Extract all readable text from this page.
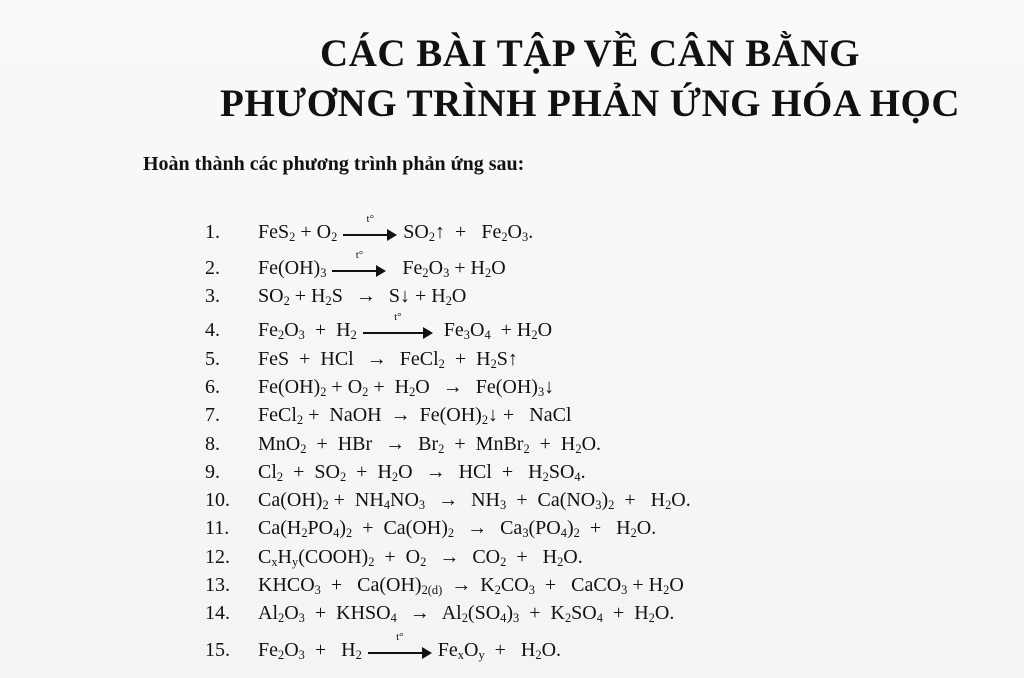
CÁC BÀI TẬP VỀ CÂN BẰNG
PHƯƠNG TRÌNH PHẢN ỨNG HÓA HỌC
Hoàn thành các phương trình phản ứng sau:
1. $FeS_2 + O_2$
t°
$SO_2↑ + Fe_2O_3$.
2. $Fe(OH)_3$
t°
$Fe_2O_3 + H_2O$
3. $SO_2 + H_2S$ → S↓ + $H_2O$
4. $Fe_2O_3 + H_2$
t°
$Fe_3O_4 + H_2O$
5. FeS  +  HCl → FeCl$_2$  +  $H_2S↑$
6. $Fe(OH)_2 + O_2 + H_2O$ → $Fe(OH)_3↓$
7. FeCl$_2$ +  NaOH → $Fe(OH)_2↓$ +   NaCl
8. MnO$_2$  +  HBr → $Br_2$  +  MnBr$_2$  +  $H_2O$.
9. $Cl_2 + SO_2 + H_2O$ → HCl  +   $H_2SO_4$.
10. $Ca(OH)_2 + NH_4NO_3 \to NH_3 + Ca(NO_3)_2 + H_2O$.
11. $Ca(H_2PO_4)_2 + Ca(OH)_2 \to Ca_3(PO_4)_2 + H_2O$.
12. $C_xH_y(COOH)_2 + O_2 \to CO_2 + H_2O$.
13. $KHCO_3 + Ca(OH)_{2(d)} \to K_2CO_3$  +   CaCO$_3$ + $H_2O$
14. $Al_2O_3$  +  $KHSO_4 \to Al_2(SO_4)_3 + K_2SO_4 + H_2O$.
15. $Fe_2O_3 + H_2$
t°
$Fe_xO_y + H_2O$.
